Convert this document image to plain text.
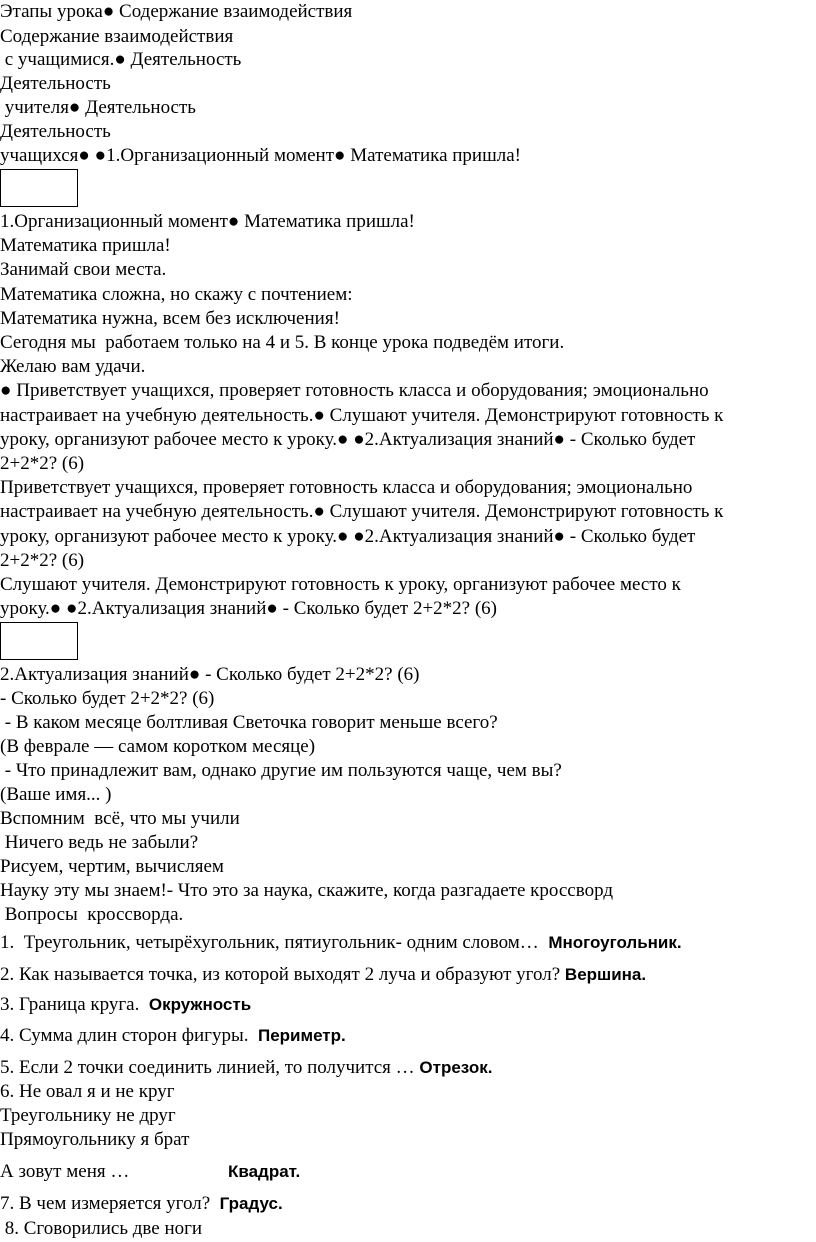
Этапы урока● Содержание взаимодействия
Содержание взаимодействия
с учащимися.● Деятельность
Деятельность
учителя● Деятельность
Деятельность
учащихся● ●1.Организационный момент● Математика пришла!
1.Организационный момент● Математика пришла!
Математика пришла!
Занимай свои места.
Математика сложна, но скажу с почтением:
Математика нужна, всем без исключения!
Сегодня мы  работаем только на 4 и 5. В конце урока подведём итоги.
Желаю вам удачи.
● Приветствует учащихся, проверяет готовность класса и оборудования; эмоционально
настраивает на учебную деятельность.● Слушают учителя. Демонстрируют готовность к
уроку, организуют рабочее место к уроку.● ●2.Актуализация знаний● - Сколько будет
2+2*2? (6)
Приветствует учащихся, проверяет готовность класса и оборудования; эмоционально
настраивает на учебную деятельность.● Слушают учителя. Демонстрируют готовность к
уроку, организуют рабочее место к уроку.● ●2.Актуализация знаний● - Сколько будет
2+2*2? (6)
Слушают учителя. Демонстрируют готовность к уроку, организуют рабочее место к
уроку.● ●2.Актуализация знаний● - Сколько будет 2+2*2? (6)
2.Актуализация знаний● - Сколько будет 2+2*2? (6)
- Сколько будет 2+2*2? (6)
- В каком месяце болтливая Светочка говорит меньше всего?
(В феврале — самом коротком месяце)
- Что принадлежит вам, однако другие им пользуются чаще, чем вы?
(Ваше имя... )
Вспомним  всё, что мы учили
Ничего ведь не забыли?
Рисуем, чертим, вычисляем
Науку эту мы знаем!- Что это за наука, скажите, когда разгадаете кроссворд
Вопросы  кроссворда.
1.  Треугольник, четырёхугольник, пятиугольник- одним словом…  Многоугольник.
2. Как называется точка, из которой выходят 2 луча и образуют угол? Вершина.
3. Граница круга.  Окружность
4. Сумма длин сторон фигуры.  Периметр.
5. Если 2 точки соединить линией, то получится … Отрезок.
6. Не овал я и не круг
Треугольнику не друг
Прямоугольнику я брат
А зовут меня …	Квадрат.
7. В чем измеряется угол?  Градус.
8. Сговорились две ноги
